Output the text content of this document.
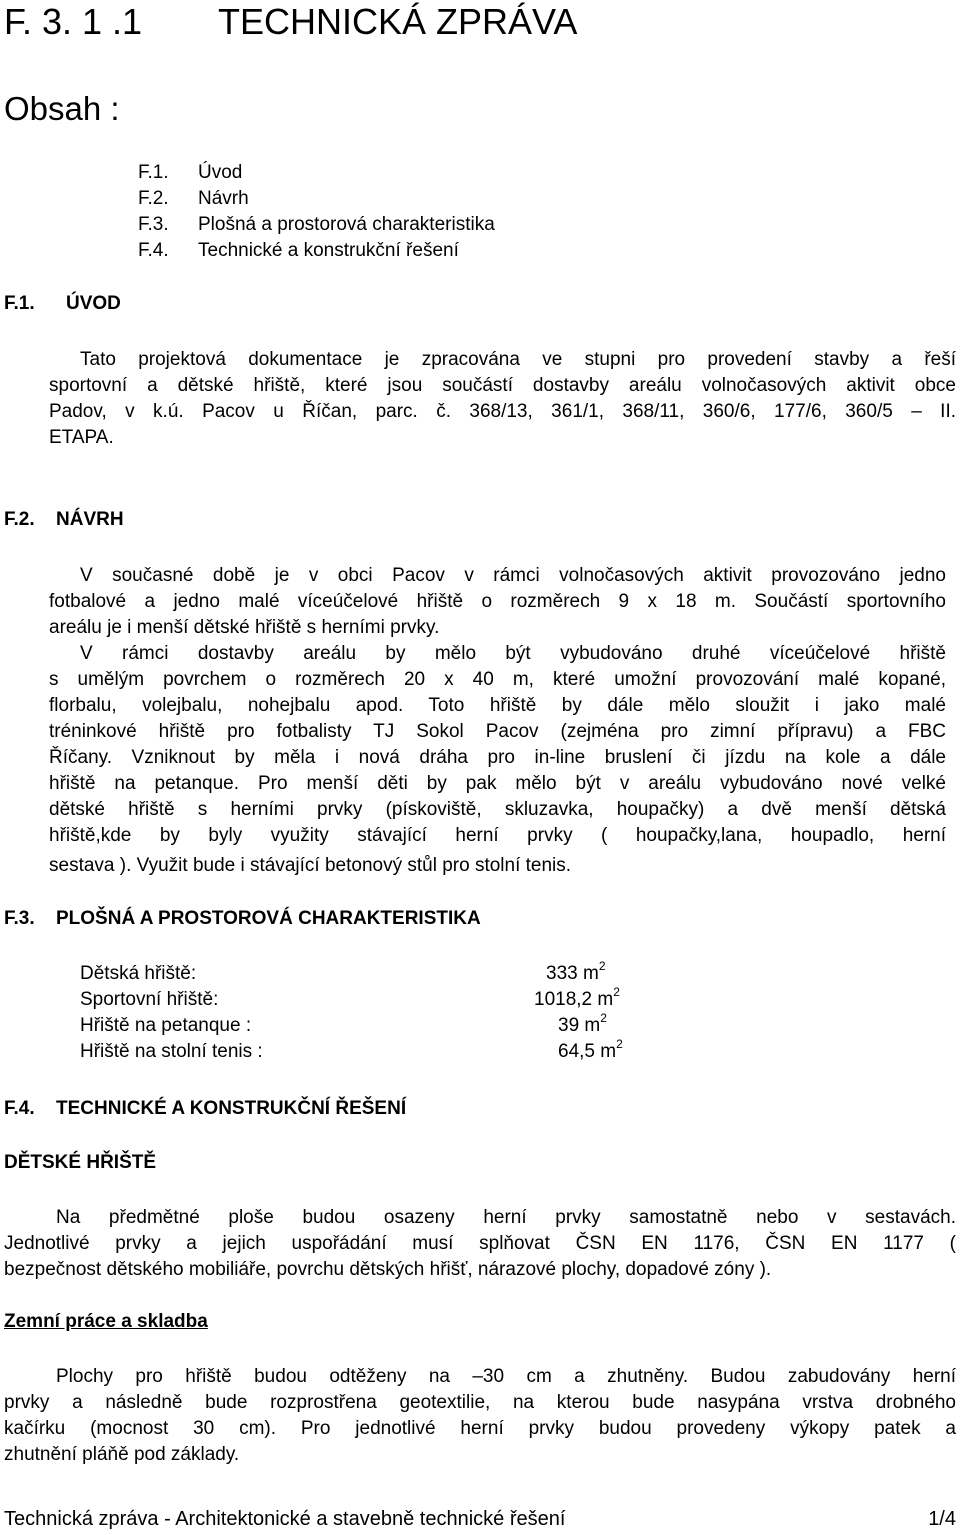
F. 3. 1 .1 TECHNICKÁ ZPRÁVA
Obsah :
F.1. Úvod
F.2. Návrh
F.3. Plošná a prostorová charakteristika
F.4. Technické a konstrukční řešení
F.1. ÚVOD
Tato projektová dokumentace je zpracována ve stupni pro provedení stavby a řeší
sportovní a dětské hřiště, které jsou součástí dostavby areálu volnočasových aktivit obce
Padov, v k.ú. Pacov u Říčan, parc. č. 368/13, 361/1, 368/11, 360/6, 177/6, 360/5 – II.
ETAPA.
F.2. NÁVRH
V současné době je v obci Pacov v rámci volnočasových aktivit provozováno jedno
fotbalové a jedno malé víceúčelové hřiště o rozměrech 9 x 18 m. Součástí sportovního
areálu je i menší dětské hřiště s herními prvky.
V rámci dostavby areálu by mělo být vybudováno druhé víceúčelové hřiště
s umělým povrchem o rozměrech 20 x 40 m, které umožní provozování malé kopané,
florbalu, volejbalu, nohejbalu apod. Toto hřiště by dále mělo sloužit i jako malé
tréninkové hřiště pro fotbalisty TJ Sokol Pacov (zejména pro zimní přípravu) a FBC
Říčany. Vzniknout by měla i nová dráha pro in-line bruslení či jízdu na kole a dále
hřiště na petanque. Pro menší děti by pak mělo být v areálu vybudováno nové velké
dětské hřiště s herními prvky (pískoviště, skluzavka, houpačky) a dvě menší dětská
hřiště,kde by byly využity stávající herní prvky ( houpačky,lana, houpadlo, herní
sestava ). Využit bude i stávající betonový stůl pro stolní tenis.
F.3. PLOŠNÁ A PROSTOROVÁ CHARAKTERISTIKA
Dětská hřiště:	333 $m^2$
Sportovní hřiště:	1018,2 $m^2$
Hřiště na petanque :	39 $m^2$
Hřiště na stolní tenis :	64,5 $m^2$
F.4. TECHNICKÉ A KONSTRUKČNÍ ŘEŠENÍ
DĚTSKÉ HŘIŠTĚ
Na předmětné ploše budou osazeny herní prvky samostatně nebo v sestavách.
Jednotlivé prvky a jejich uspořádání musí splňovat ČSN EN 1176, ČSN EN 1177 (
bezpečnost dětského mobiliáře, povrchu dětských hřišť, nárazové plochy, dopadové zóny ).
Zemní práce a skladba
Plochy pro hřiště budou odtěženy na –30 cm a zhutněny. Budou zabudovány herní
prvky a následně bude rozprostřena geotextilie, na kterou bude nasypána vrstva drobného
kačírku (mocnost 30 cm). Pro jednotlivé herní prvky budou provedeny výkopy patek a
zhutnění pláňě pod základy.
Technická zpráva - Architektonické a stavebně technické řešení	1/4
